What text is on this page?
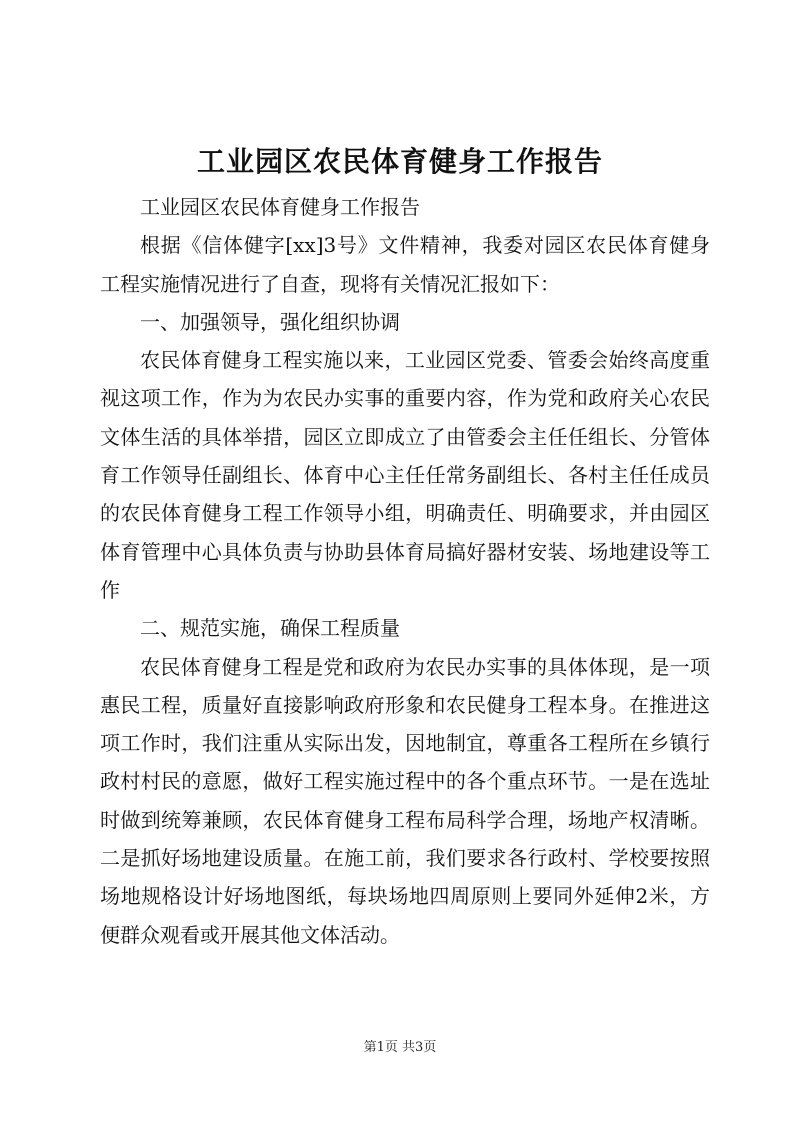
工业园区农民体育健身工作报告

工业园区农民体育健身工作报告

根据《信体健字[xx]3号》文件精神，我委对园区农民体育健身工程实施情况进行了自查，现将有关情况汇报如下：

一、加强领导，强化组织协调

农民体育健身工程实施以来，工业园区党委、管委会始终高度重视这项工作，作为为农民办实事的重要内容，作为党和政府关心农民文体生活的具体举措，园区立即成立了由管委会主任任组长、分管体育工作领导任副组长、体育中心主任任常务副组长、各村主任任成员的农民体育健身工程工作领导小组，明确责任、明确要求，并由园区体育管理中心具体负责与协助县体育局搞好器材安装、场地建设等工作

二、规范实施，确保工程质量

农民体育健身工程是党和政府为农民办实事的具体体现，是一项惠民工程，质量好直接影响政府形象和农民健身工程本身。在推进这项工作时，我们注重从实际出发，因地制宜，尊重各工程所在乡镇行政村村民的意愿，做好工程实施过程中的各个重点环节。一是在选址时做到统筹兼顾，农民体育健身工程布局科学合理，场地产权清晰。二是抓好场地建设质量。在施工前，我们要求各行政村、学校要按照场地规格设计好场地图纸，每块场地四周原则上要同外延伸2米，方便群众观看或开展其他文体活动。

第1页 共3页
